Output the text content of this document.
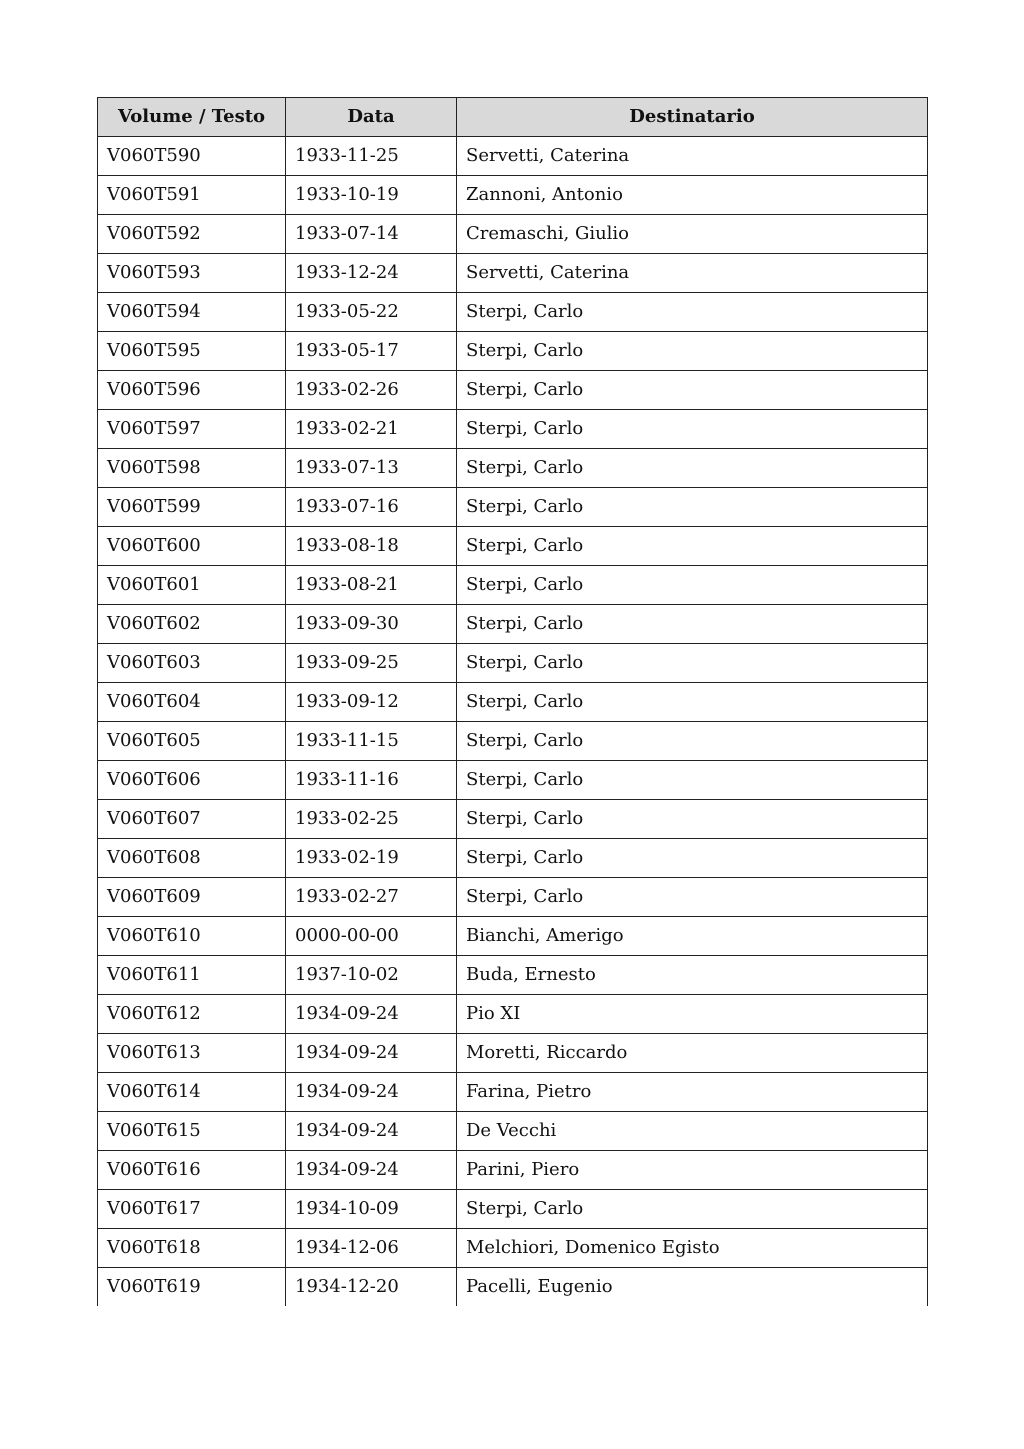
Volume / Testo	Data	Destinatario
V060T590	1933-11-25	Servetti, Caterina
V060T591	1933-10-19	Zannoni, Antonio
V060T592	1933-07-14	Cremaschi, Giulio
V060T593	1933-12-24	Servetti, Caterina
V060T594	1933-05-22	Sterpi, Carlo
V060T595	1933-05-17	Sterpi, Carlo
V060T596	1933-02-26	Sterpi, Carlo
V060T597	1933-02-21	Sterpi, Carlo
V060T598	1933-07-13	Sterpi, Carlo
V060T599	1933-07-16	Sterpi, Carlo
V060T600	1933-08-18	Sterpi, Carlo
V060T601	1933-08-21	Sterpi, Carlo
V060T602	1933-09-30	Sterpi, Carlo
V060T603	1933-09-25	Sterpi, Carlo
V060T604	1933-09-12	Sterpi, Carlo
V060T605	1933-11-15	Sterpi, Carlo
V060T606	1933-11-16	Sterpi, Carlo
V060T607	1933-02-25	Sterpi, Carlo
V060T608	1933-02-19	Sterpi, Carlo
V060T609	1933-02-27	Sterpi, Carlo
V060T610	0000-00-00	Bianchi, Amerigo
V060T611	1937-10-02	Buda, Ernesto
V060T612	1934-09-24	Pio XI
V060T613	1934-09-24	Moretti, Riccardo
V060T614	1934-09-24	Farina, Pietro
V060T615	1934-09-24	De Vecchi
V060T616	1934-09-24	Parini, Piero
V060T617	1934-10-09	Sterpi, Carlo
V060T618	1934-12-06	Melchiori, Domenico Egisto
V060T619	1934-12-20	Pacelli, Eugenio
